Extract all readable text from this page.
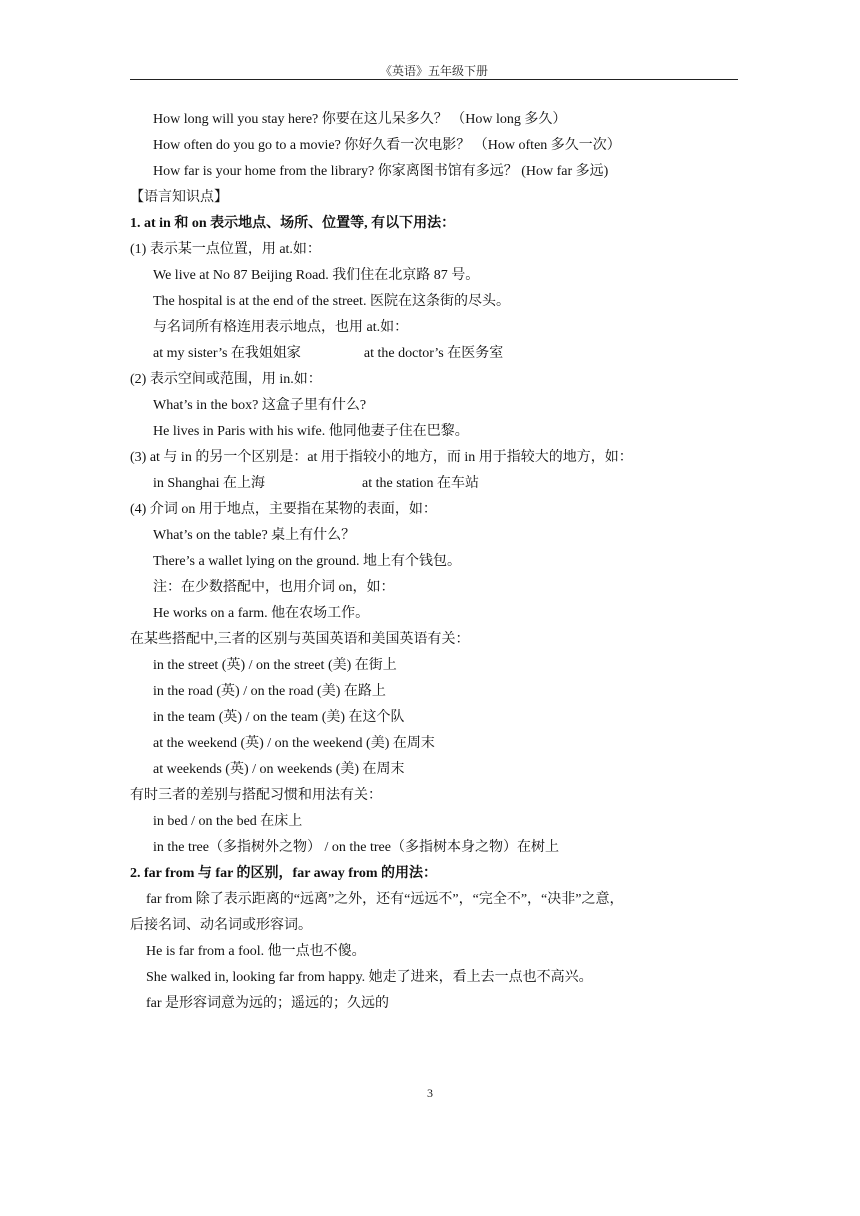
《英语》五年级下册
How long will you stay here? 你要在这儿呆多久？ （How long 多久）
How often do you go to a movie? 你好久看一次电影？ （How often 多久一次）
How far is your home from the library? 你家离图书馆有多远？ (How far 多远)
【语言知识点】
1. at in 和 on 表示地点、场所、位置等, 有以下用法：
(1) 表示某一点位置，用 at.如：
We live at No 87 Beijing Road. 我们住在北京路 87 号。
The hospital is at the end of the street. 医院在这条街的尽头。
与名词所有格连用表示地点，也用 at.如：
at my sister’s 在我姐姐家	at the doctor’s 在医务室
(2) 表示空间或范围，用 in.如：
What’s in the box? 这盒子里有什么?
He lives in Paris with his wife. 他同他妻子住在巴黎。
(3) at 与 in 的另一个区别是：at 用于指较小的地方，而 in 用于指较大的地方，如：
in Shanghai 在上海	at the station 在车站
(4) 介词 on 用于地点，主要指在某物的表面，如：
What’s on the table? 桌上有什么？
There’s a wallet lying on the ground. 地上有个钱包。
注：在少数搭配中，也用介词 on，如：
He works on a farm. 他在农场工作。
在某些搭配中,三者的区别与英国英语和美国英语有关：
in the street (英) / on the street (美) 在街上
in the road (英) / on the road (美) 在路上
in the team (英) / on the team (美) 在这个队
at the weekend (英) / on the weekend (美) 在周末
at weekends (英) / on weekends (美) 在周末
有时三者的差别与搭配习惯和用法有关：
in bed / on the bed 在床上
in the tree（多指树外之物） / on the tree（多指树本身之物）在树上
2. far from 与 far 的区别，far away from 的用法：
far from 除了表示距离的“远离”之外，还有“远远不”，“完全不”，“决非”之意，
后接名词、动名词或形容词。
He is far from a fool. 他一点也不傻。
She walked in, looking far from happy. 她走了进来，看上去一点也不高兴。
far 是形容词意为远的；遥远的；久远的
3
